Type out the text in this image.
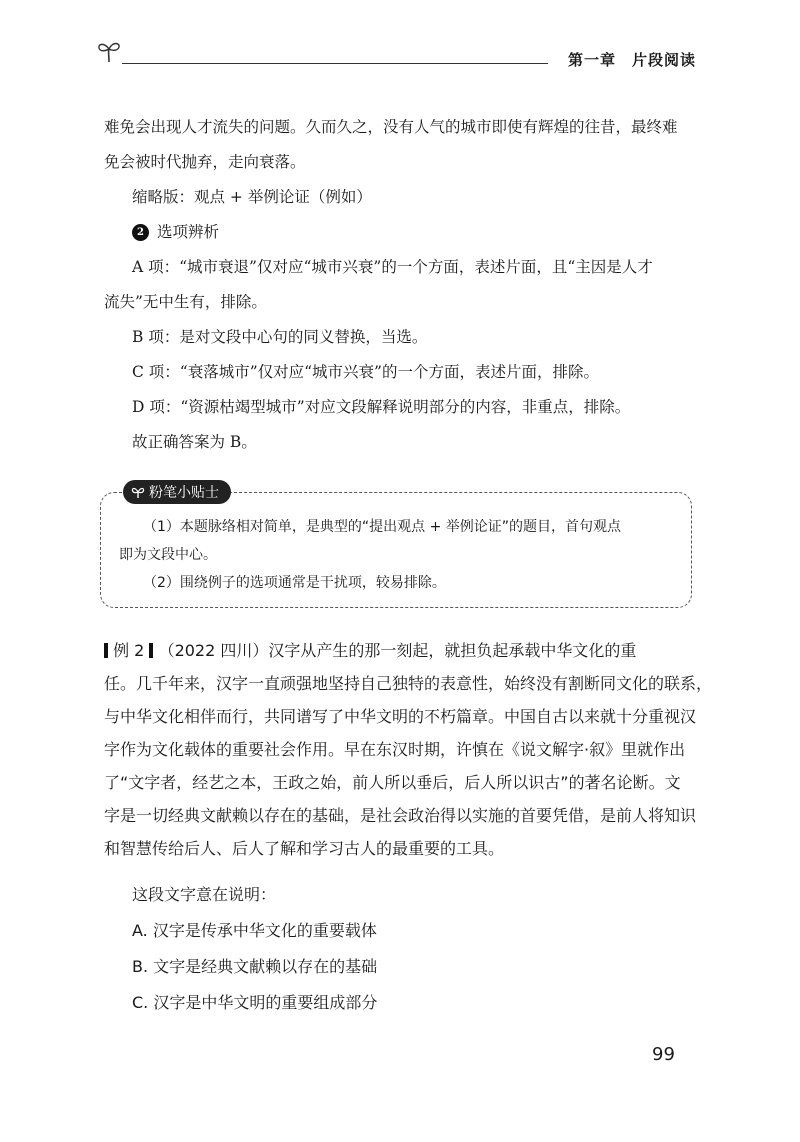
第一章 片段阅读

难免会出现人才流失的问题。久而久之，没有人气的城市即使有辉煌的往昔，最终难

免会被时代抛弃，走向衰落。

缩略版：观点 + 举例论证（例如）

2 选项辨析

A 项：“城市衰退”仅对应“城市兴衰”的一个方面，表述片面，且“主因是人才

流失”无中生有，排除。

B 项：是对文段中心句的同义替换，当选。

C 项：“衰落城市”仅对应“城市兴衰”的一个方面，表述片面，排除。

D 项：“资源枯竭型城市”对应文段解释说明部分的内容，非重点，排除。

故正确答案为 B。

粉笔小贴士

（1）本题脉络相对简单，是典型的“提出观点 + 举例论证”的题目，首句观点

即为文段中心。

（2）围绕例子的选项通常是干扰项，较易排除。

例 2 （2022 四川）汉字从产生的那一刻起，就担负起承载中华文化的重
任。几千年来，汉字一直顽强地坚持自己独特的表意性，始终没有割断同文化的联系，
与中华文化相伴而行，共同谱写了中华文明的不朽篇章。中国自古以来就十分重视汉
字作为文化载体的重要社会作用。早在东汉时期，许慎在《说文解字·叙》里就作出
了“文字者，经艺之本，王政之始，前人所以垂后，后人所以识古”的著名论断。文
字是一切经典文献赖以存在的基础，是社会政治得以实施的首要凭借，是前人将知识
和智慧传给后人、后人了解和学习古人的最重要的工具。

这段文字意在说明：

A. 汉字是传承中华文化的重要载体

B. 文字是经典文献赖以存在的基础

C. 汉字是中华文明的重要组成部分

99
